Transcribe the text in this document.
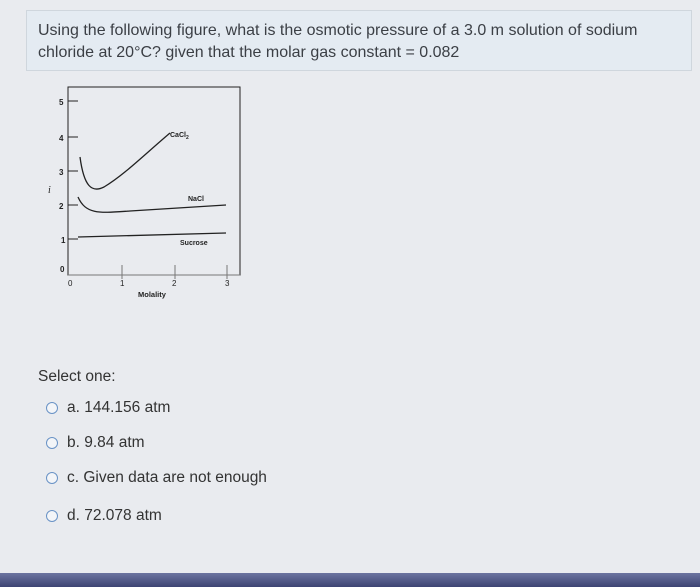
Using the following figure, what is the osmotic pressure of a 3.0 m solution of sodium
chloride at 20°C? given that the molar gas constant = 0.082
5
4
3
2
1
0
i
0	1	2	3
Molality
CaCl$_2$
NaCl
Sucrose
Select one:
a. 144.156 atm
b. 9.84 atm
c. Given data are not enough
d. 72.078 atm
